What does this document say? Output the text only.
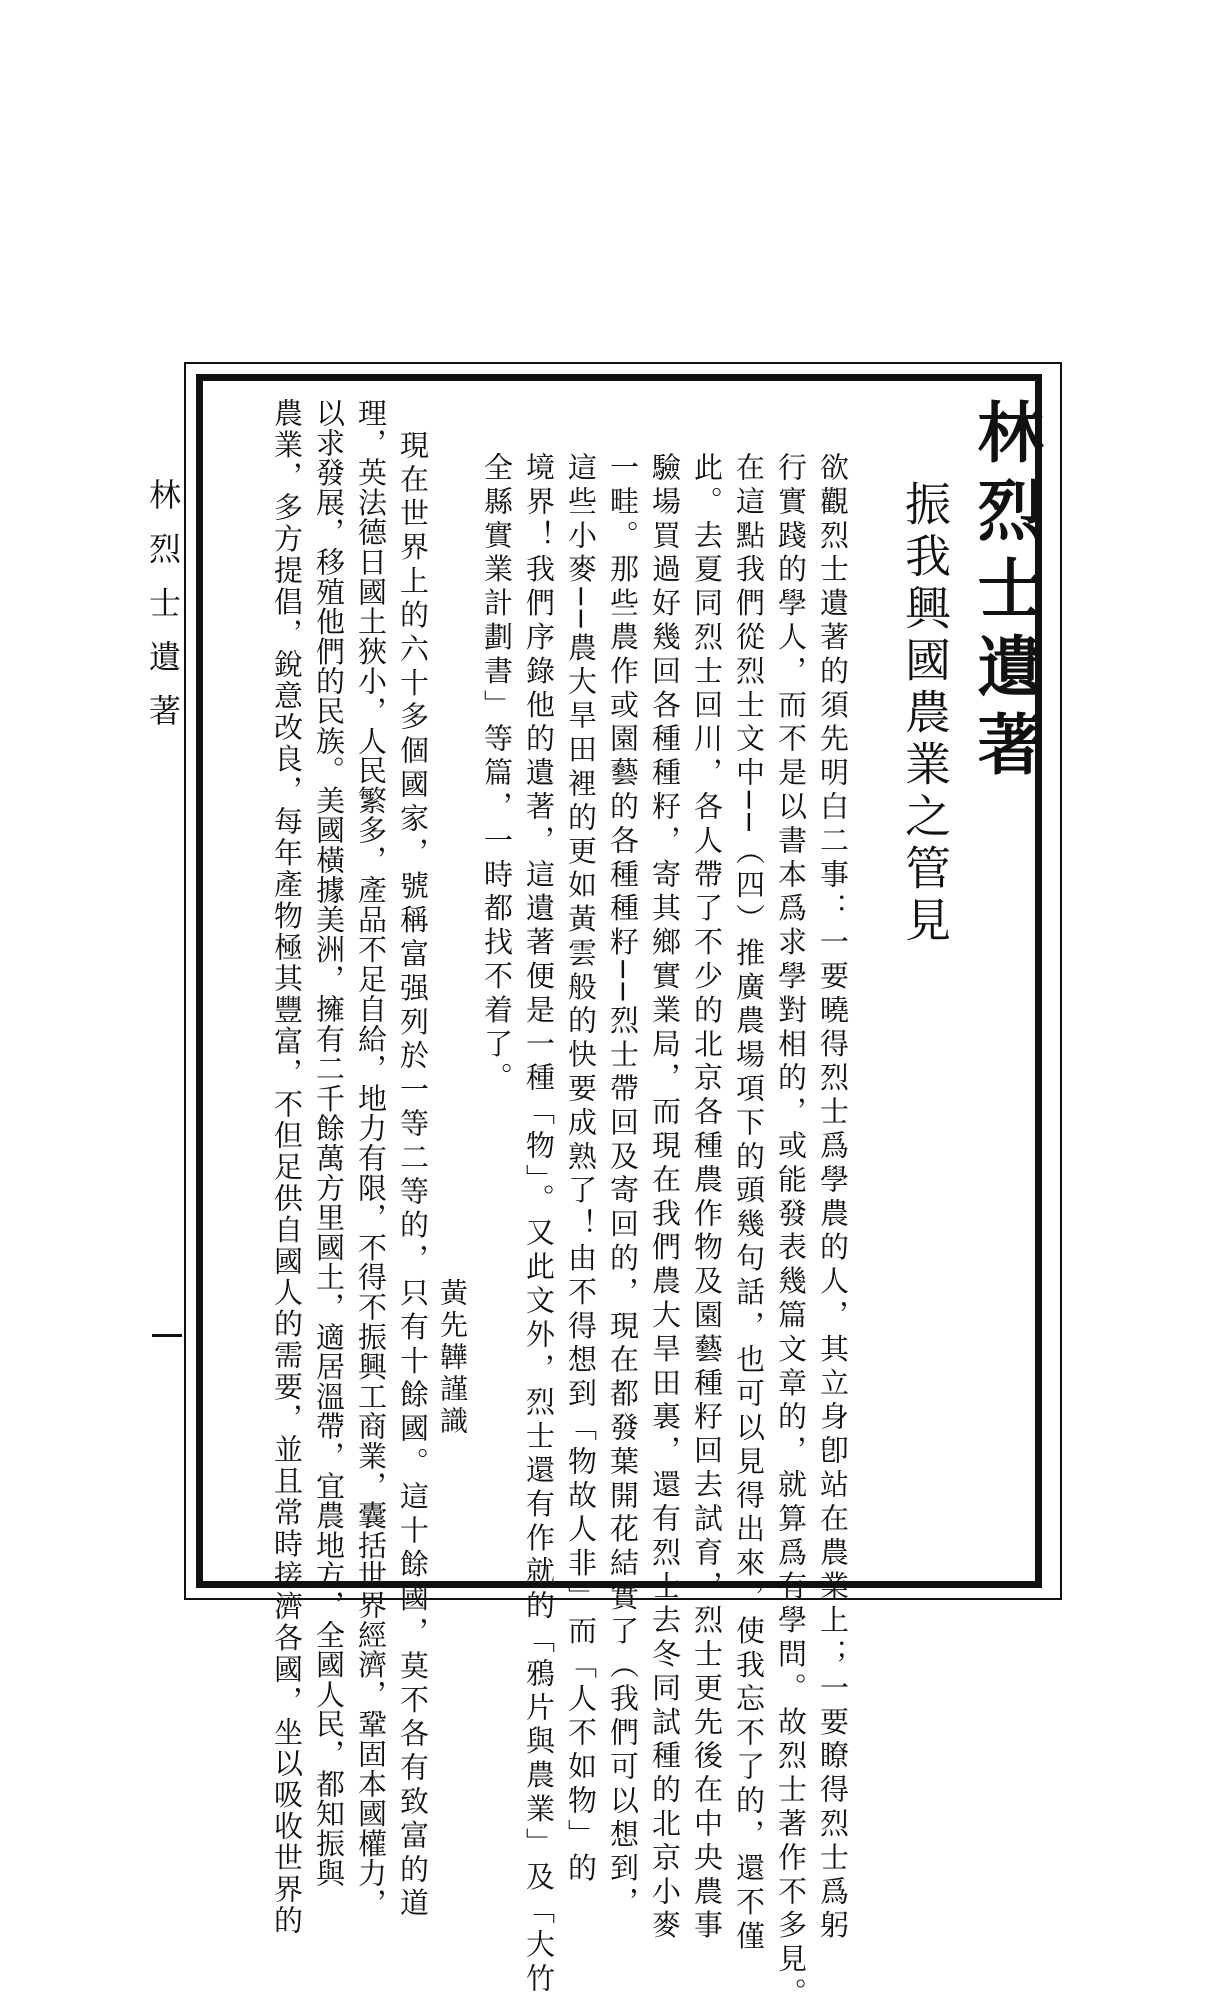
林烈士遺著	林烈士遺著
振我興國農業之管見
欲觀烈士遺著的須先明白二事：一要曉得烈士爲學農的人，其立身卽站在農業上；一要瞭得烈士爲躬
行實踐的學人，而不是以書本爲求學對相的，或能發表幾篇文章的，就算爲有學問。故烈士著作不多見。
在這點我們從烈士文中──（四）推廣農場項下的頭幾句話，也可以見得出來，使我忘不了的，還不僅
此。去夏同烈士回川，各人帶了不少的北京各種農作物及園藝種籽回去試育，烈士更先後在中央農事
驗場買過好幾回各種種籽，寄其鄉實業局，而現在我們農大旱田裏，還有烈士去冬同試種的北京小麥
一畦。那些農作或園藝的各種種籽──烈士帶回及寄回的，現在都發葉開花結實了（我們可以想到，
這些小麥──農大旱田裡的更如黃雲般的快要成熟了！由不得想到「物故人非」而「人不如物」的
境界！我們序錄他的遺著，這遺著便是一種「物」。又此文外，烈士還有作就的「鴉片與農業」及「大竹
全縣實業計劃書」等篇，一時都找不着了。
黃先韡謹識
現在世界上的六十多個國家，號稱富强列於一等二等的，只有十餘國。這十餘國，莫不各有致富的道
理，英法德日國土狹小，人民繁多，產品不足自給，地力有限，不得不振興工商業，囊括世界經濟，鞏固本國權力，
以求發展，移殖他們的民族。美國橫據美洲，擁有二千餘萬方里國土，適居溫帶，宜農地方，全國人民，都知振與
農業，多方提倡，銳意改良，每年產物極其豐富，不但足供自國人的需要，並且常時接濟各國，坐以吸收世界的
